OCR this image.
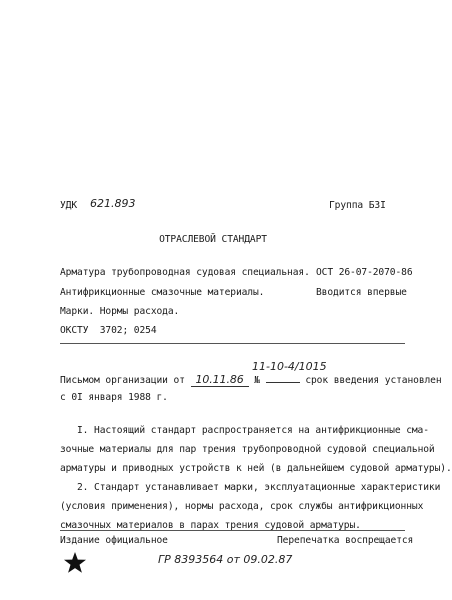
УДК 621.893	Группа Б3I
ОТРАСЛЕВОЙ СТАНДАРТ
Арматура трубопроводная судовая специальная.
Антифрикционные смазочные материалы.
Марки. Нормы расхода.
ОКСТУ 3702; 0254
ОСТ 26-07-2070-86
Вводится впервые
11-10-4/1015
Письмом организации от 10.11.86 №	срок введения установлен
с 0I января 1988 г.
I. Настоящий стандарт распространяется на антифрикционные сма-
зочные материалы для пар трения трубопроводной судовой специальной
арматуры и приводных устройств к ней (в дальнейшем судовой арматуры).
2. Стандарт устанавливает марки, эксплуатационные характеристики
(условия применения), нормы расхода, срок службы антифрикционных
смазочных материалов в парах трения судовой арматуры.
Издание официальное	Перепечатка воспрещается
ГР 8393564 от 09.02.87
